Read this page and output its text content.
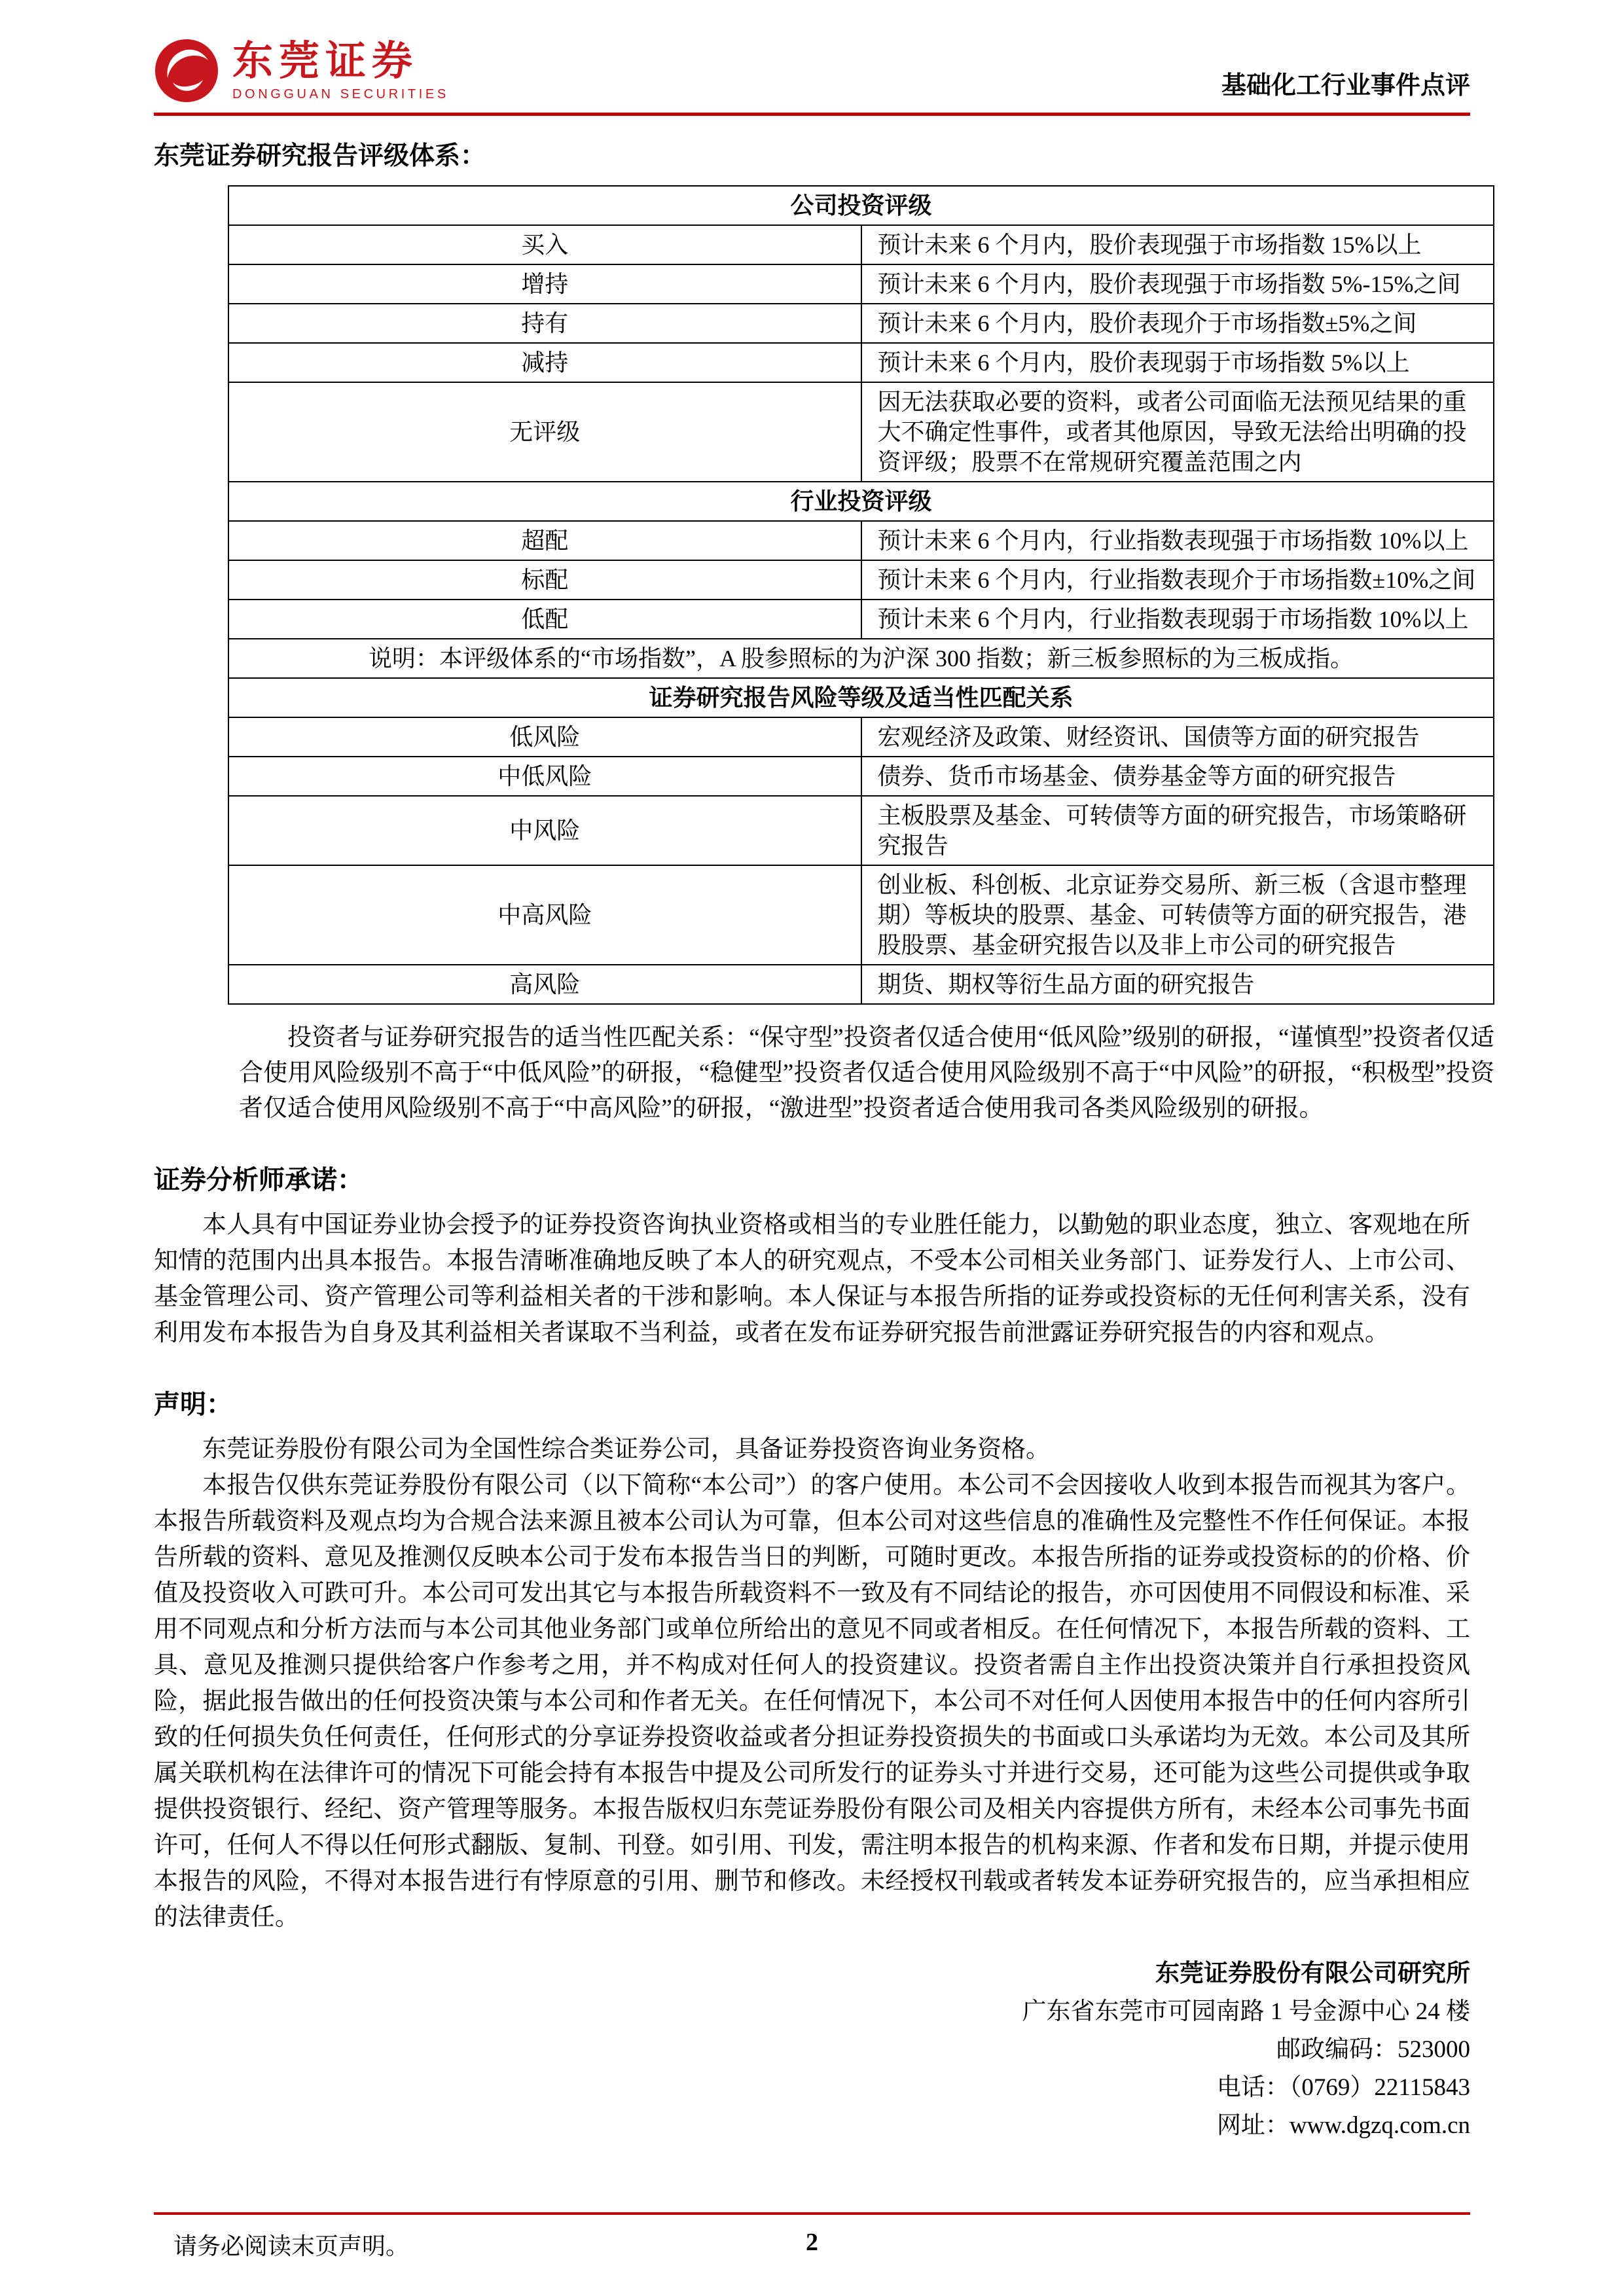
东莞证券
DONGGUAN SECURITIES	基础化工行业事件点评
东莞证券研究报告评级体系：
公司投资评级	
买入	预计未来 6 个月内，股价表现强于市场指数 15%以上
增持	预计未来 6 个月内，股价表现强于市场指数 5%-15%之间
持有	预计未来 6 个月内，股价表现介于市场指数±5%之间
减持	预计未来 6 个月内，股价表现弱于市场指数 5%以上
无评级	因无法获取必要的资料，或者公司面临无法预见结果的重大不确定性事件，或者其他原因，导致无法给出明确的投资评级；股票不在常规研究覆盖范围之内
行业投资评级	
超配	预计未来 6 个月内，行业指数表现强于市场指数 10%以上
标配	预计未来 6 个月内，行业指数表现介于市场指数±10%之间
低配	预计未来 6 个月内，行业指数表现弱于市场指数 10%以上
说明：本评级体系的“市场指数”，A 股参照标的为沪深 300 指数；新三板参照标的为三板成指。	
证券研究报告风险等级及适当性匹配关系	
低风险	宏观经济及政策、财经资讯、国债等方面的研究报告
中低风险	债券、货币市场基金、债券基金等方面的研究报告
中风险	主板股票及基金、可转债等方面的研究报告，市场策略研究报告
中高风险	创业板、科创板、北京证券交易所、新三板（含退市整理期）等板块的股票、基金、可转债等方面的研究报告，港股股票、基金研究报告以及非上市公司的研究报告
高风险	期货、期权等衍生品方面的研究报告

投资者与证券研究报告的适当性匹配关系：“保守型”投资者仅适合使用“低风险”级别的研报，“谨慎型”投资者仅适合使用风险级别不高于“中低风险”的研报，“稳健型”投资者仅适合使用风险级别不高于“中风险”的研报，“积极型”投资者仅适合使用风险级别不高于“中高风险”的研报，“激进型”投资者适合使用我司各类风险级别的研报。

证券分析师承诺：

本人具有中国证券业协会授予的证券投资咨询执业资格或相当的专业胜任能力，以勤勉的职业态度，独立、客观地在所知情的范围内出具本报告。本报告清晰准确地反映了本人的研究观点，不受本公司相关业务部门、证券发行人、上市公司、基金管理公司、资产管理公司等利益相关者的干涉和影响。本人保证与本报告所指的证券或投资标的无任何利害关系，没有利用发布本报告为自身及其利益相关者谋取不当利益，或者在发布证券研究报告前泄露证券研究报告的内容和观点。

声明：

东莞证券股份有限公司为全国性综合类证券公司，具备证券投资咨询业务资格。

本报告仅供东莞证券股份有限公司（以下简称“本公司”）的客户使用。本公司不会因接收人收到本报告而视其为客户。本报告所载资料及观点均为合规合法来源且被本公司认为可靠，但本公司对这些信息的准确性及完整性不作任何保证。本报告所载的资料、意见及推测仅反映本公司于发布本报告当日的判断，可随时更改。本报告所指的证券或投资标的的价格、价值及投资收入可跌可升。本公司可发出其它与本报告所载资料不一致及有不同结论的报告，亦可因使用不同假设和标准、采用不同观点和分析方法而与本公司其他业务部门或单位所给出的意见不同或者相反。在任何情况下，本报告所载的资料、工具、意见及推测只提供给客户作参考之用，并不构成对任何人的投资建议。投资者需自主作出投资决策并自行承担投资风险，据此报告做出的任何投资决策与本公司和作者无关。在任何情况下，本公司不对任何人因使用本报告中的任何内容所引致的任何损失负任何责任，任何形式的分享证券投资收益或者分担证券投资损失的书面或口头承诺均为无效。本公司及其所属关联机构在法律许可的情况下可能会持有本报告中提及公司所发行的证券头寸并进行交易，还可能为这些公司提供或争取提供投资银行、经纪、资产管理等服务。本报告版权归东莞证券股份有限公司及相关内容提供方所有，未经本公司事先书面许可，任何人不得以任何形式翻版、复制、刊登。如引用、刊发，需注明本报告的机构来源、作者和发布日期，并提示使用本报告的风险，不得对本报告进行有悖原意的引用、删节和修改。未经授权刊载或者转发本证券研究报告的，应当承担相应的法律责任。

东莞证券股份有限公司研究所
广东省东莞市可园南路 1 号金源中心 24 楼
邮政编码：523000
电话：（0769）22115843
网址：www.dgzq.com.cn
请务必阅读末页声明。	2
